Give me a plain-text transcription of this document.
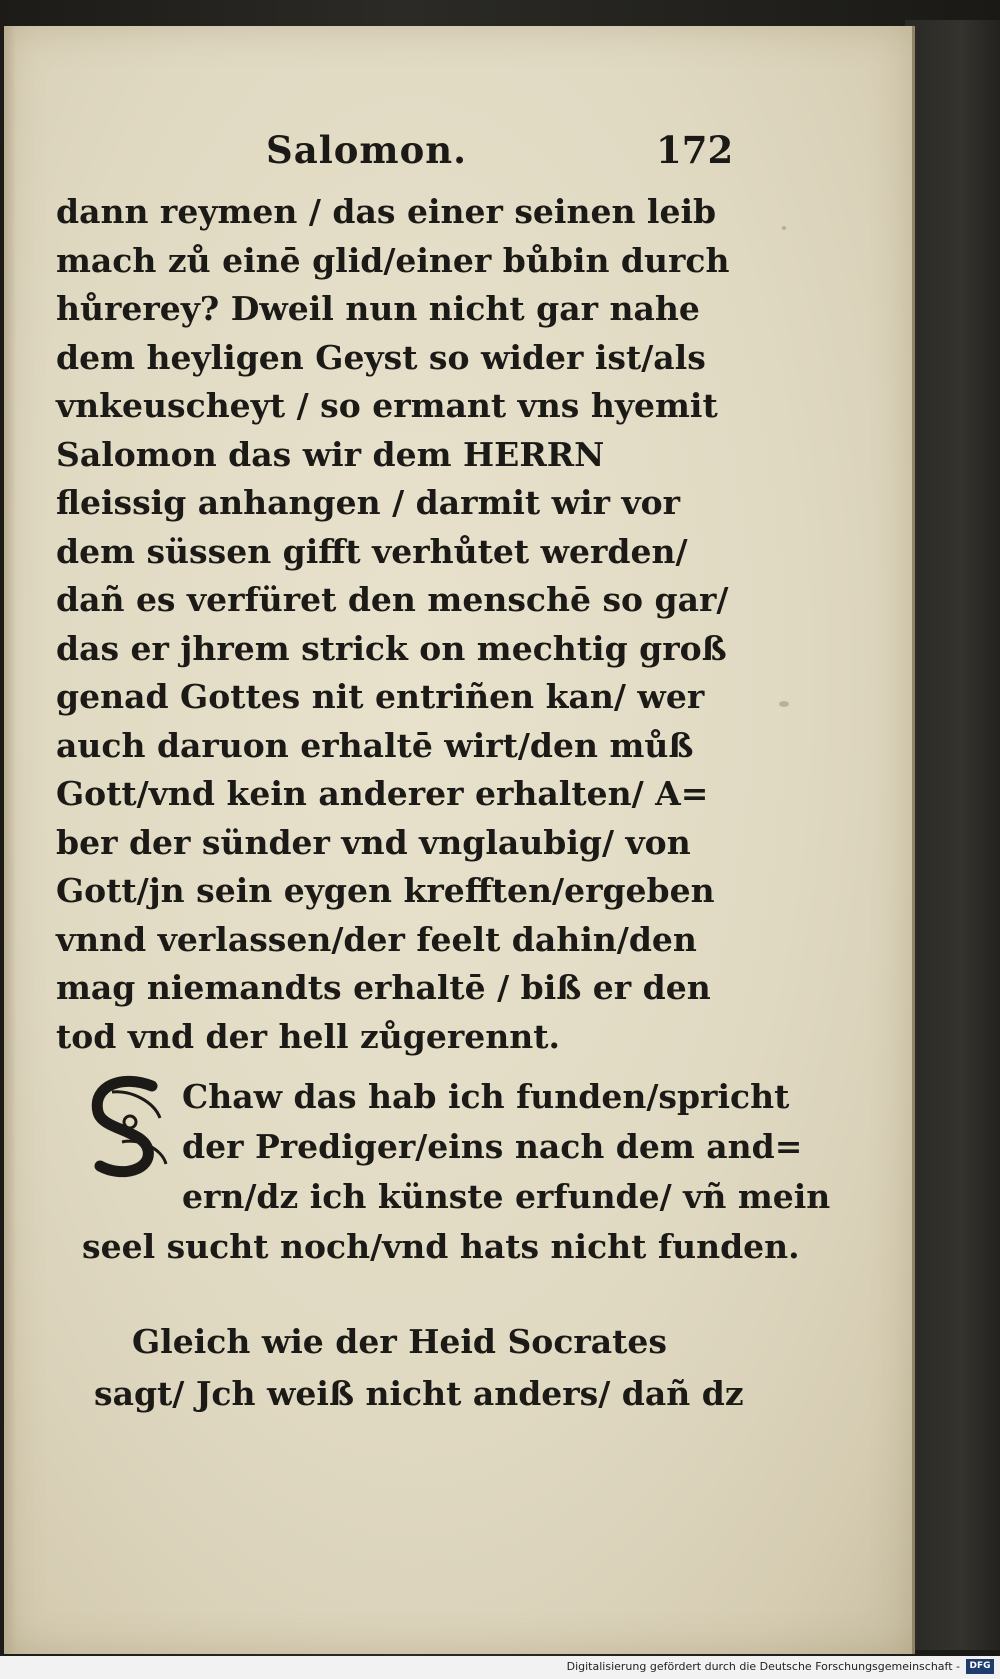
Salomon.	172
dann reymen / das einer seinen leib
mach zů einē glid/einer bůbin durch
hůrerey? Dweil nun nicht gar nahe
dem heyligen Geyst so wider ist/als
vnkeuscheyt / so ermant vns hyemit
Salomon das wir dem HERRN
fleissig anhangen / darmit wir vor
dem süssen gifft verhůtet werden/
dañ es verfüret den menschē so gar/
das er jhrem strick on mechtig groß
genad Gottes nit entriñen kan/ wer
auch daruon erhaltē wirt/den můß
Gott/vnd kein anderer erhalten/ A=
ber der sünder vnd vnglaubig/ von
Gott/jn sein eygen krefften/ergeben
vnnd verlassen/der feelt dahin/den
mag niemandts erhaltē / biß er den
tod vnd der hell zůgerennt.
Chaw das hab ich funden/spricht
der Prediger/eins nach dem and=
ern/dz ich künste erfunde/ vñ mein
seel sucht noch/vnd hats nicht funden.
Gleich wie der Heid Socrates
sagt/ Jch weiß nicht anders/ dañ dz
Digitalisierung gefördert durch die Deutsche Forschungsgemeinschaft -	DFG
